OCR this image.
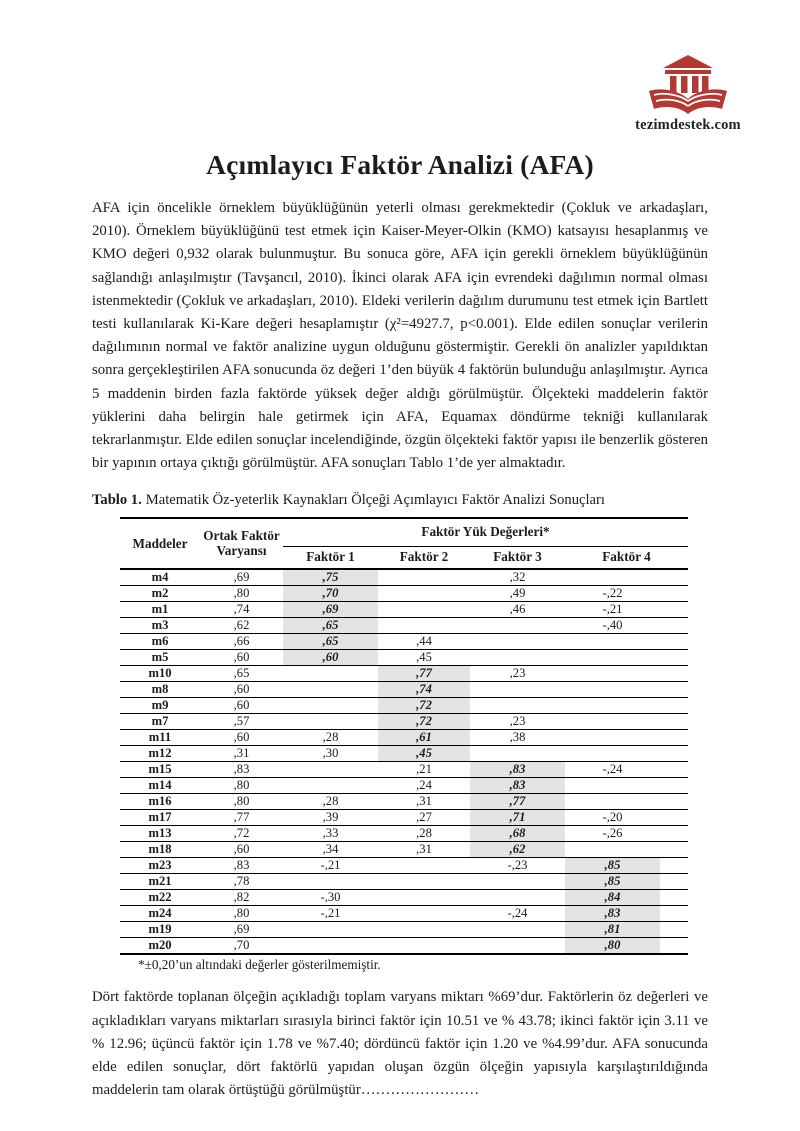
tezimdestek.com
Açımlayıcı Faktör Analizi (AFA)

AFA için öncelikle örneklem büyüklüğünün yeterli olması gerekmektedir (Çokluk ve arkadaşları, 2010). Örneklem büyüklüğünü test etmek için Kaiser-Meyer-Olkin (KMO) katsayısı hesaplanmış ve KMO değeri 0,932 olarak bulunmuştur. Bu sonuca göre, AFA için gerekli örneklem büyüklüğünün sağlandığı anlaşılmıştır (Tavşancıl, 2010). İkinci olarak AFA için evrendeki dağılımın normal olması istenmektedir (Çokluk ve arkadaşları, 2010). Eldeki verilerin dağılım durumunu test etmek için Bartlett testi kullanılarak Ki-Kare değeri hesaplamıştır (χ²=4927.7, p<0.001). Elde edilen sonuçlar verilerin dağılımının normal ve faktör analizine uygun olduğunu göstermiştir. Gerekli ön analizler yapıldıktan sonra gerçekleştirilen AFA sonucunda öz değeri 1’den büyük 4 faktörün bulunduğu anlaşılmıştır. Ayrıca 5 maddenin birden fazla faktörde yüksek değer aldığı görülmüştür. Ölçekteki maddelerin faktör yüklerini daha belirgin hale getirmek için AFA, Equamax döndürme tekniği kullanılarak tekrarlanmıştır. Elde edilen sonuçlar incelendiğinde, özgün ölçekteki faktör yapısı ile benzerlik gösteren bir yapının ortaya çıktığı görülmüştür. AFA sonuçları Tablo 1’de yer almaktadır.

Tablo 1. Matematik Öz-yeterlik Kaynakları Ölçeği Açımlayıcı Faktör Analizi Sonuçları

Maddeler	Ortak Faktör Varyansı	Faktör Yük Değerleri*			
		Faktör 1	Faktör 2	Faktör 3	Faktör 4
m4	,69	,75		,32	
m2	,80	,70		,49	-,22
m1	,74	,69		,46	-,21
m3	,62	,65			-,40
m6	,66	,65	,44		
m5	,60	,60	,45		
m10	,65		,77	,23	
m8	,60		,74		
m9	,60		,72		
m7	,57		,72	,23	
m11	,60	,28	,61	,38	
m12	,31	,30	,45		
m15	,83		,21	,83	-,24
m14	,80		,24	,83	
m16	,80	,28	,31	,77	
m17	,77	,39	,27	,71	-,20
m13	,72	,33	,28	,68	-,26
m18	,60	,34	,31	,62	
m23	,83	-,21		-,23	,85
m21	,78				,85
m22	,82	-,30			,84
m24	,80	-,21		-,24	,83
m19	,69				,81
m20	,70				,80
*±0,20’un altındaki değerler gösterilmemiştir.

Dört faktörde toplanan ölçeğin açıkladığı toplam varyans miktarı %69’dur. Faktörlerin öz değerleri ve açıkladıkları varyans miktarları sırasıyla birinci faktör için 10.51 ve % 43.78; ikinci faktör için 3.11 ve % 12.96; üçüncü faktör için 1.78 ve %7.40; dördüncü faktör için 1.20 ve %4.99’dur. AFA sonucunda elde edilen sonuçlar, dört faktörlü yapıdan oluşan özgün ölçeğin yapısıyla karşılaştırıldığında maddelerin tam olarak örtüştüğü görülmüştür……………………
